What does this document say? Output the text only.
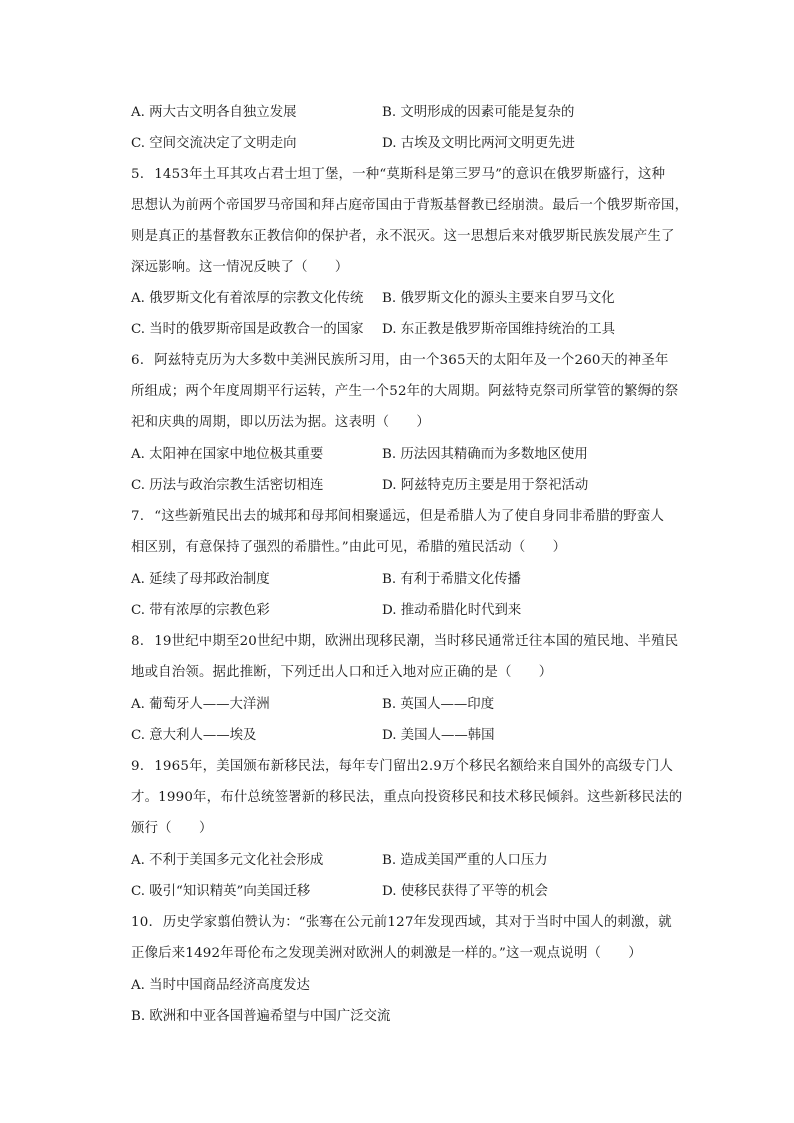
A. 两大古文明各自独立发展	B. 文明形成的因素可能是复杂的
C. 空间交流决定了文明走向	D. 古埃及文明比两河文明更先进
5. 1453年土耳其攻占君士坦丁堡，一种“莫斯科是第三罗马”的意识在俄罗斯盛行，这种
思想认为前两个帝国罗马帝国和拜占庭帝国由于背叛基督教已经崩溃。最后一个俄罗斯帝国，
则是真正的基督教东正教信仰的保护者，永不泯灭。这一思想后来对俄罗斯民族发展产生了
深远影响。这一情况反映了（　　）
A. 俄罗斯文化有着浓厚的宗教文化传统 B. 俄罗斯文化的源头主要来自罗马文化
C. 当时的俄罗斯帝国是政教合一的国家 D. 东正教是俄罗斯帝国维持统治的工具
6. 阿兹特克历为大多数中美洲民族所习用，由一个365天的太阳年及一个260天的神圣年
所组成；两个年度周期平行运转，产生一个52年的大周期。阿兹特克祭司所掌管的繁缛的祭
祀和庆典的周期，即以历法为据。这表明（　　）
A. 太阳神在国家中地位极其重要	B. 历法因其精确而为多数地区使用
C. 历法与政治宗教生活密切相连	D. 阿兹特克历主要是用于祭祀活动
7. “这些新殖民出去的城邦和母邦间相聚遥远，但是希腊人为了使自身同非希腊的野蛮人
相区别，有意保持了强烈的希腊性。”由此可见，希腊的殖民活动（　　）
A. 延续了母邦政治制度	B. 有利于希腊文化传播
C. 带有浓厚的宗教色彩	D. 推动希腊化时代到来
8. 19世纪中期至20世纪中期，欧洲出现移民潮，当时移民通常迁往本国的殖民地、半殖民
地或自治领。据此推断，下列迁出人口和迁入地对应正确的是（　　）
A. 葡萄牙人——大洋洲	B. 英国人——印度
C. 意大利人——埃及	D. 美国人——韩国
9. 1965年，美国颁布新移民法，每年专门留出2.9万个移民名额给来自国外的高级专门人
才。1990年，布什总统签署新的移民法，重点向投资移民和技术移民倾斜。这些新移民法的
颁行（　　）
A. 不利于美国多元文化社会形成	B. 造成美国严重的人口压力
C. 吸引“知识精英”向美国迁移	D. 使移民获得了平等的机会
10. 历史学家翦伯赞认为：“张骞在公元前127年发现西域，其对于当时中国人的刺激，就
正像后来1492年哥伦布之发现美洲对欧洲人的刺激是一样的。”这一观点说明（　　）
A. 当时中国商品经济高度发达
B. 欧洲和中亚各国普遍希望与中国广泛交流
